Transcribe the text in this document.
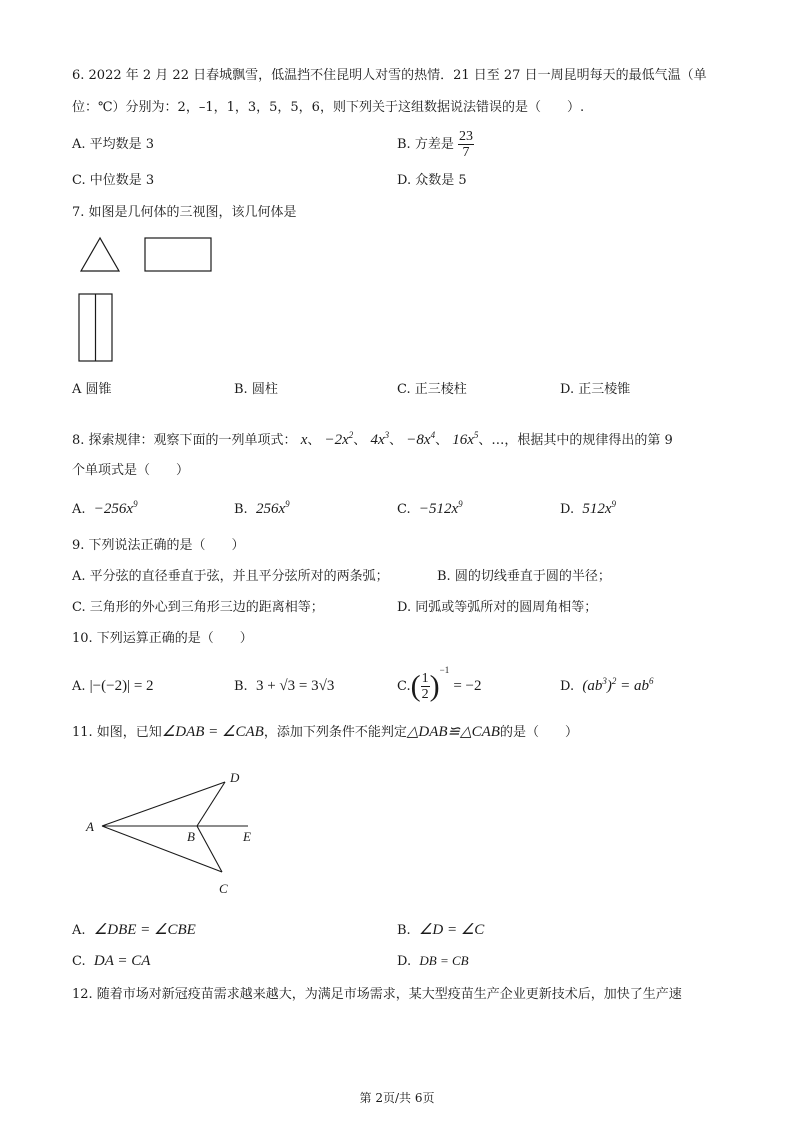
6. 2022 年 2 月 22 日春城飘雪，低温挡不住昆明人对雪的热情．21 日至 27 日一周昆明每天的最低气温（单
位：℃）分别为：2，–1，1，3，5，5，6，则下列关于这组数据说法错误的是（　　）.
A. 平均数是 3	B. 方差是 $\frac{23}{7}$
C. 中位数是 3	D. 众数是 5
7. 如图是几何体的三视图，该几何体是
A 圆锥	B. 圆柱	C. 正三棱柱	D. 正三棱锥
8. 探索规律：观察下面的一列单项式： x、 $-2x^2$、 $4x^3$、 $-8x^4$、 $16x^5$、…，根据其中的规律得出的第 9
个单项式是（　　）
A. $-256x^9$	B. $256x^9$	C. $-512x^9$	D. $512x^9$
9. 下列说法正确的是（　　）
A. 平分弦的直径垂直于弦，并且平分弦所对的两条弧；	B. 圆的切线垂直于圆的半径；
C. 三角形的外心到三角形三边的距离相等；	D. 同弧或等弧所对的圆周角相等；
10. 下列运算正确的是（　　）
A. |−(−2)| = 2	B. 3 + √3 = 3√3	$C.( \frac{1}{2} )^{-1} = -2$	D. $(ab^3)^2 = ab^6$
11. 如图，已知∠DAB = ∠CAB，添加下列条件不能判定△DAB≌△CAB的是（　　）
A
B
C
D
E
A. ∠DBE = ∠CBE	B. ∠D = ∠C
C. DA = CA	D. DB = CB
12. 随着市场对新冠疫苗需求越来越大，为满足市场需求，某大型疫苗生产企业更新技术后，加快了生产速
第 2页/共 6页
